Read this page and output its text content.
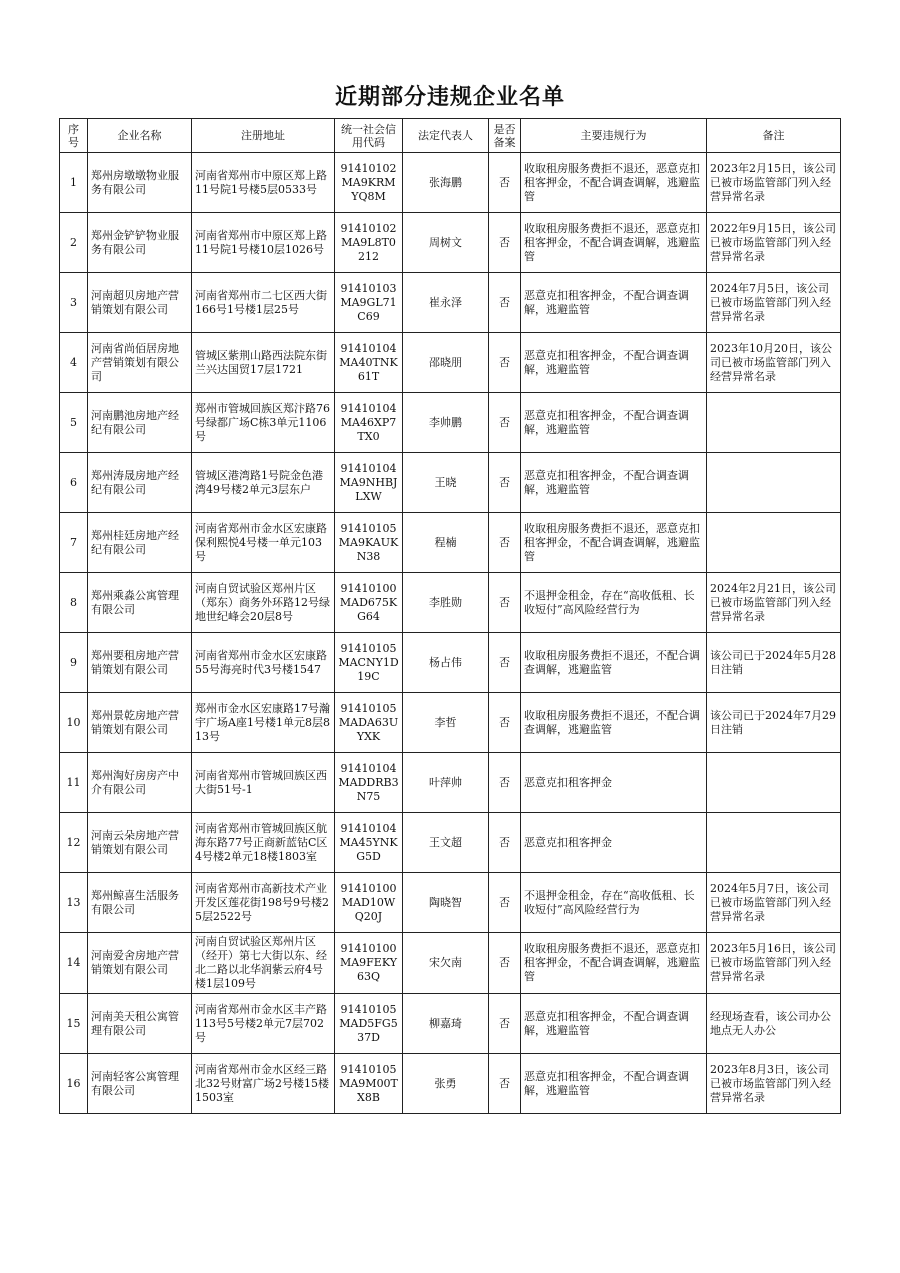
近期部分违规企业名单
序号	企业名称	注册地址	统一社会信用代码	法定代表人	是否备案	主要违规行为	备注
1	郑州房墩墩物业服务有限公司	河南省郑州市中原区郑上路11号院1号楼5层0533号	91410102MA9KRMYQ8M	张海鹏	否	收取租房服务费拒不退还，恶意克扣租客押金，不配合调查调解，逃避监管	2023年2月15日，该公司已被市场监管部门列入经营异常名录
2	郑州金铲铲物业服务有限公司	河南省郑州市中原区郑上路11号院1号楼10层1026号	91410102MA9L8T0212	周树文	否	收取租房服务费拒不退还，恶意克扣租客押金，不配合调查调解，逃避监管	2022年9月15日，该公司已被市场监管部门列入经营异常名录
3	河南超贝房地产营销策划有限公司	河南省郑州市二七区西大街166号1号楼1层25号	91410103MA9GL71C69	崔永泽	否	恶意克扣租客押金，不配合调查调解，逃避监管	2024年7月5日，该公司已被市场监管部门列入经营异常名录
4	河南省尚佰居房地产营销策划有限公司	管城区紫荆山路西法院东街兰兴达国贸17层1721	91410104MA40TNK61T	邵晓朋	否	恶意克扣租客押金，不配合调查调解，逃避监管	2023年10月20日，该公司已被市场监管部门列入经营异常名录
5	河南鹏池房地产经纪有限公司	郑州市管城回族区郑汴路76号绿都广场C栋3单元1106号	91410104MA46XP7TX0	李帅鹏	否	恶意克扣租客押金，不配合调查调解，逃避监管	
6	郑州涛晟房地产经纪有限公司	管城区港湾路1号院金色港湾49号楼2单元3层东户	91410104MA9NHBJLXW	王晓	否	恶意克扣租客押金，不配合调查调解，逃避监管	
7	郑州桂廷房地产经纪有限公司	河南省郑州市金水区宏康路保利熙悦4号楼一单元103号	91410105MA9KAUKN38	程楠	否	收取租房服务费拒不退还，恶意克扣租客押金，不配合调查调解，逃避监管	
8	郑州乘淼公寓管理有限公司	河南自贸试验区郑州片区（郑东）商务外环路12号绿地世纪峰会20层8号	91410100MAD675KG64	李胜勋	否	不退押金租金，存在“高收低租、长收短付”高风险经营行为	2024年2月21日，该公司已被市场监管部门列入经营异常名录
9	郑州要租房地产营销策划有限公司	河南省郑州市金水区宏康路55号海亮时代3号楼1547	91410105MACNY1D19C	杨占伟	否	收取租房服务费拒不退还，不配合调查调解，逃避监管	该公司已于2024年5月28日注销
10	郑州景乾房地产营销策划有限公司	郑州市金水区宏康路17号瀚宇广场A座1号楼1单元8层813号	91410105MADA63UYXK	李哲	否	收取租房服务费拒不退还，不配合调查调解，逃避监管	该公司已于2024年7月29日注销
11	郑州淘好房房产中介有限公司	河南省郑州市管城回族区西大街51号-1	91410104MADDRB3N75	叶萍帅	否	恶意克扣租客押金	
12	河南云朵房地产营销策划有限公司	河南省郑州市管城回族区航海东路77号正商新蓝钻C区4号楼2单元18楼1803室	91410104MA45YNKG5D	王文超	否	恶意克扣租客押金	
13	郑州鲸喜生活服务有限公司	河南省郑州市高新技术产业开发区莲花街198号9号楼25层2522号	91410100MAD10WQ20J	陶晓智	否	不退押金租金，存在“高收低租、长收短付”高风险经营行为	2024年5月7日，该公司已被市场监管部门列入经营异常名录
14	河南爱舍房地产营销策划有限公司	河南自贸试验区郑州片区（经开）第七大街以东、经北二路以北华润紫云府4号楼1层109号	91410100MA9FEKY63Q	宋欠南	否	收取租房服务费拒不退还，恶意克扣租客押金，不配合调查调解，逃避监管	2023年5月16日，该公司已被市场监管部门列入经营异常名录
15	河南美天租公寓管理有限公司	河南省郑州市金水区丰产路113号5号楼2单元7层702号	91410105MAD5FG537D	柳嘉琦	否	恶意克扣租客押金，不配合调查调解，逃避监管	经现场查看，该公司办公地点无人办公
16	河南轻客公寓管理有限公司	河南省郑州市金水区经三路北32号财富广场2号楼15楼1503室	91410105MA9M00TX8B	张勇	否	恶意克扣租客押金，不配合调查调解，逃避监管	2023年8月3日，该公司已被市场监管部门列入经营异常名录
